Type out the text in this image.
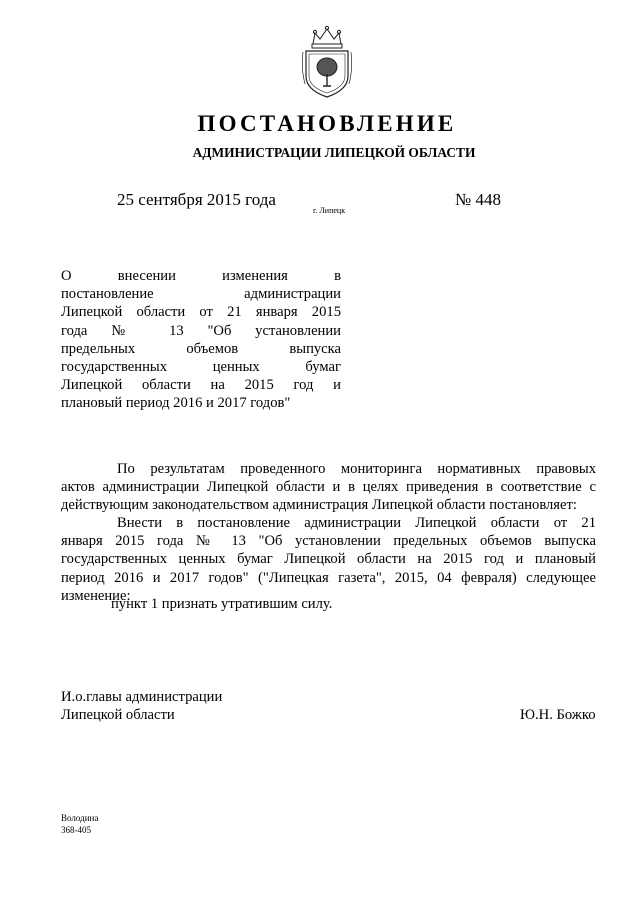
ПОСТАНОВЛЕНИЕ
АДМИНИСТРАЦИИ ЛИПЕЦКОЙ ОБЛАСТИ
25 сентября 2015 года
г. Липецк
№ 448
О внесении изменения в
постановление администрации
Липецкой области от 21 января 2015
года № 13 "Об установлении
предельных объемов выпуска
государственных ценных бумаг
Липецкой области на 2015 год и
плановый период 2016 и 2017 годов"
По результатам проведенного мониторинга нормативных правовых
актов администрации Липецкой области и в целях приведения в соответствие с
действующим законодательством администрация Липецкой области постановляет:
Внести в постановление администрации Липецкой области от 21
января 2015 года № 13 "Об установлении предельных объемов выпуска
государственных ценных бумаг Липецкой области на 2015 год и плановый
период 2016 и 2017 годов" ("Липецкая газета", 2015, 04 февраля) следующее
изменение:
пункт 1 признать утратившим силу.
И.о.главы администрации
Липецкой области	Ю.Н. Божко
Володина
368-405
